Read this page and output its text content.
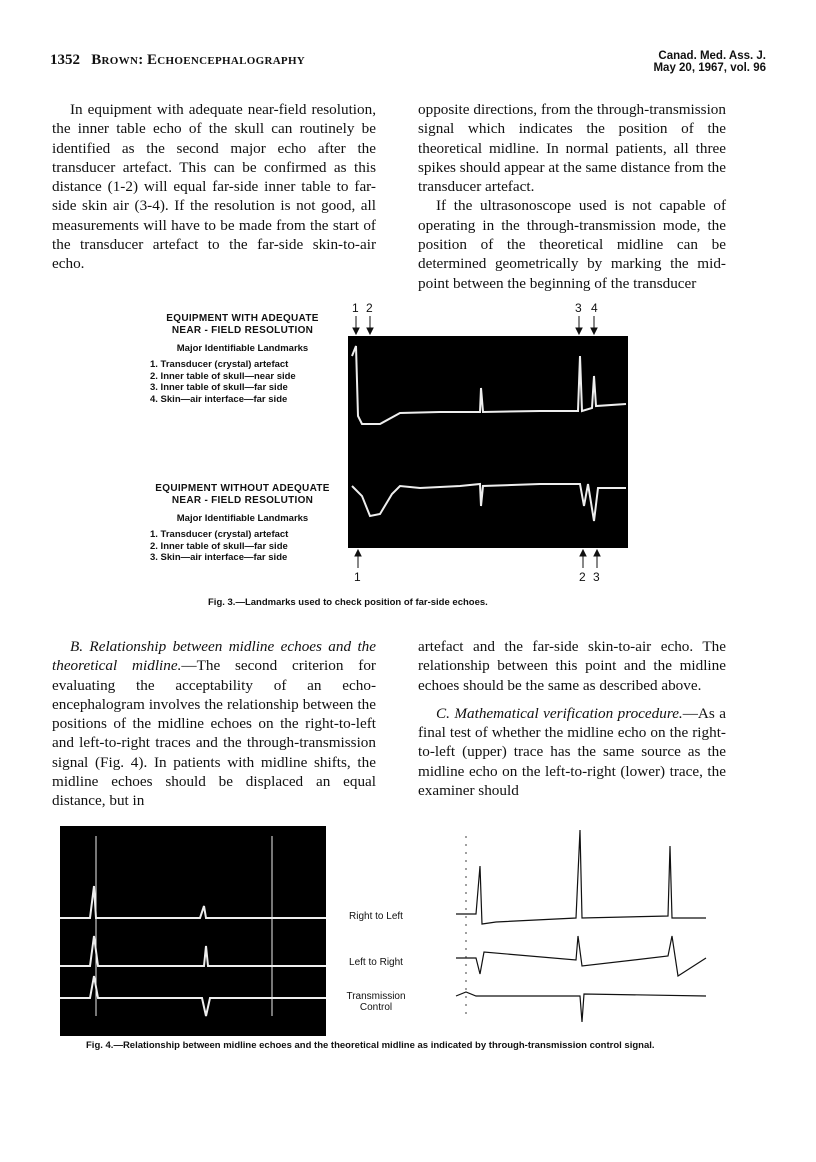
1352 Brown: Echoencephalography	Canad. Med. Ass. J.
May 20, 1967, vol. 96

In equipment with adequate near-field resolution, the inner table echo of the skull can routinely be identified as the second major echo after the transducer artefact. This can be confirmed as this distance (1-2) will equal far-side inner table to far-side skin air (3-4). If the resolution is not good, all measurements will have to be made from the start of the transducer artefact to the far-side skin-to-air echo.

opposite directions, from the through-transmission signal which indicates the position of the theoretical midline. In normal patients, all three spikes should appear at the same distance from the transducer artefact.

If the ultrasonoscope used is not capable of operating in the through-transmission mode, the position of the theoretical midline can be determined geometrically by marking the mid-point between the beginning of the transducer

EQUIPMENT WITH ADEQUATE
NEAR - FIELD RESOLUTION
Major Identifiable Landmarks
1. Transducer (crystal) artefact
2. Inner table of skull—near side
3. Inner table of skull—far side
4. Skin—air interface—far side
EQUIPMENT WITHOUT ADEQUATE
NEAR - FIELD RESOLUTION
Major Identifiable Landmarks
1. Transducer (crystal) artefact
2. Inner table of skull—far side
3. Skin—air interface—far side
1 2	3 4
1	2 3
Fig. 3.—Landmarks used to check position of far-side echoes.

B. Relationship between midline echoes and the theoretical midline.—The second criterion for evaluating the acceptability of an echo-encephalogram involves the relationship between the positions of the midline echoes on the right-to-left and left-to-right traces and the through-transmission signal (Fig. 4). In patients with midline shifts, the midline echoes should be displaced an equal distance, but in

artefact and the far-side skin-to-air echo. The relationship between this point and the midline echoes should be the same as described above.

C. Mathematical verification procedure.—As a final test of whether the midline echo on the right-to-left (upper) trace has the same source as the midline echo on the left-to-right (lower) trace, the examiner should

Right to Left
Left to Right
Transmission
Control
Fig. 4.—Relationship between midline echoes and the theoretical midline as indicated by through-transmission control signal.
